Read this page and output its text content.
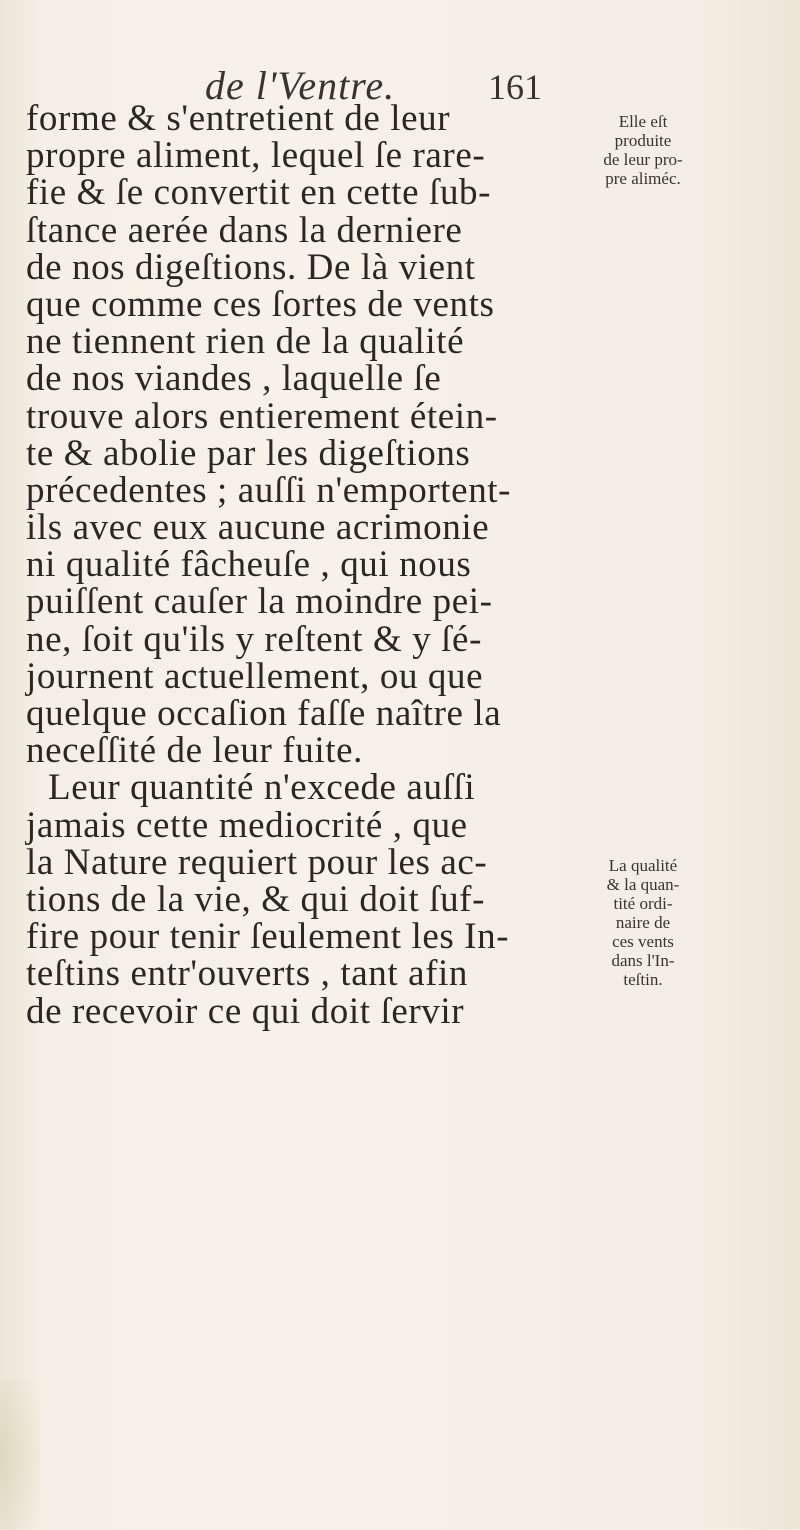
de l'Ventre.	161
forme & s'entretient de leur
propre aliment, lequel ſe rare-
fie & ſe convertit en cette ſub-
ſtance aerée dans la derniere
de nos digeſtions. De là vient
que comme ces ſortes de vents
ne tiennent rien de la qualité
de nos viandes , laquelle ſe
trouve alors entierement étein-
te & abolie par les digeſtions
précedentes ; auſſi n'emportent-
ils avec eux aucune acrimonie
ni qualité fâcheuſe , qui nous
puiſſent cauſer la moindre pei-
ne, ſoit qu'ils y reſtent & y ſé-
journent actuellement, ou que
quelque occaſion faſſe naître la
neceſſité de leur fuite.
Leur quantité n'excede auſſi
jamais cette mediocrité , que
la Nature requiert pour les ac-
tions de la vie, & qui doit ſuf-
fire pour tenir ſeulement les In-
teſtins entr'ouverts , tant afin
de recevoir ce qui doit ſervir
Elle eſt
produite
de leur pro-
pre aliméc.
La qualité
& la quan-
tité ordi-
naire de
ces vents
dans l'In-
teſtin.
